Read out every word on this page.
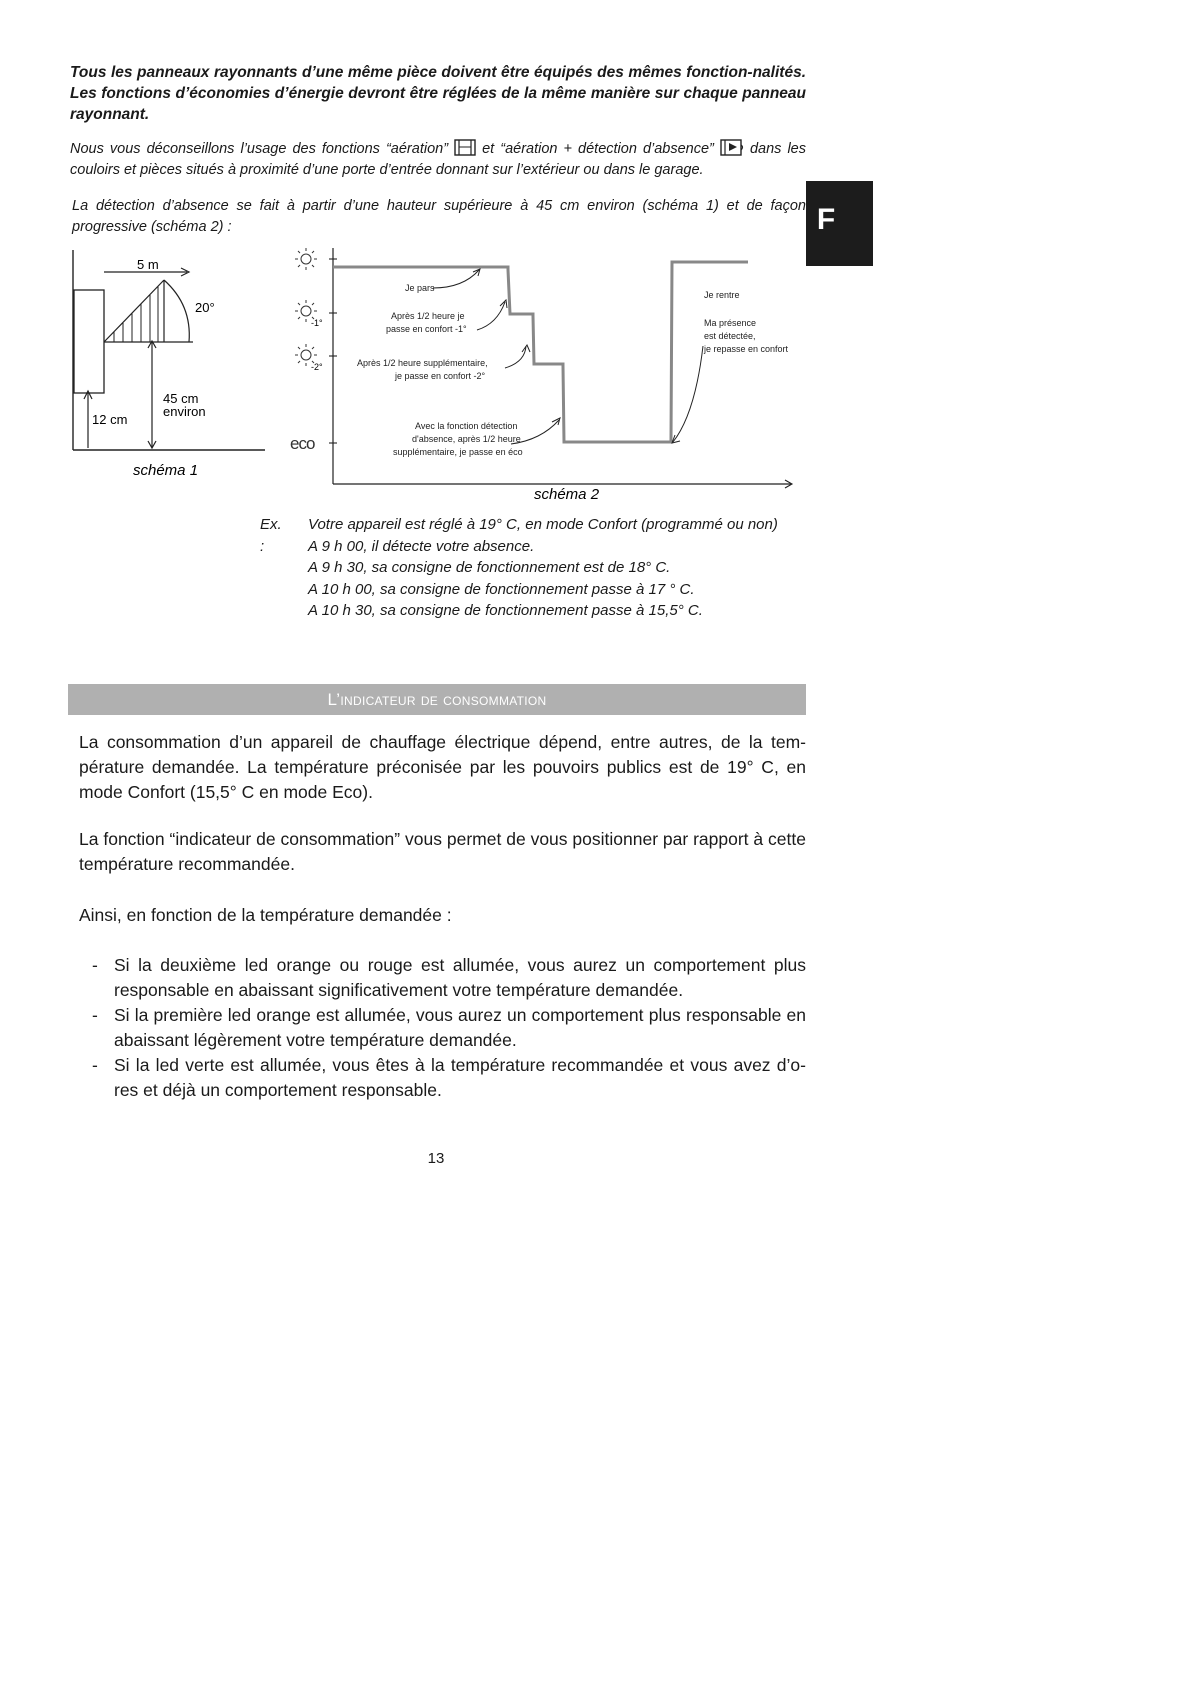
Tous les panneaux rayonnants d’une même pièce doivent être équipés des mêmes fonction-nalités. Les fonctions d’économies d’énergie devront être réglées de la même manière sur chaque panneau rayonnant.
Nous vous déconseillons l’usage des fonctions “aération”  et “aération + détection d’absence”  dans les couloirs et pièces situés à proximité d’une porte d’entrée donnant sur l’extérieur ou dans le garage.
La détection d’absence se fait à partir d’une hauteur supérieure à 45 cm environ (schéma 1) et de façon progressive (schéma 2) :	F
5 m
20°
12 cm
45 cm
environ
schéma 1
-1°
-2°
eco
Je pars
Après 1/2 heure je
passe en confort -1°
Après 1/2 heure supplémentaire,
je passe en confort -2°
Avec la fonction détection
d'absence, après 1/2 heure
supplémentaire, je passe en éco
Je rentre
Ma présence
est détectée,
je repasse en confort
schéma 2
Ex. :
Votre appareil est réglé à 19° C, en mode Confort (programmé ou non)
A 9 h 00, il détecte votre absence.
A 9 h 30, sa consigne de fonctionnement est de 18° C.
A 10 h 00, sa consigne de fonctionnement passe à 17 ° C.
A 10 h 30, sa consigne de fonctionnement passe à 15,5° C.
L’indicateur de consommation
La consommation d’un appareil de chauffage électrique dépend, entre autres, de la tem-pérature demandée. La température préconisée par les pouvoirs publics est de 19° C, en mode Confort (15,5° C en mode Eco).
La fonction “indicateur de consommation” vous permet de vous positionner par rapport à cette température recommandée.
Ainsi, en fonction de la température demandée :
- Si la deuxième led orange ou rouge est allumée, vous aurez un comportement plus responsable en abaissant significativement votre température demandée.
- Si la première led orange est allumée, vous aurez un comportement plus responsable en abaissant légèrement votre température demandée.
- Si la led verte est allumée, vous êtes à la température recommandée et vous avez d’o-res et déjà un comportement responsable.
13
